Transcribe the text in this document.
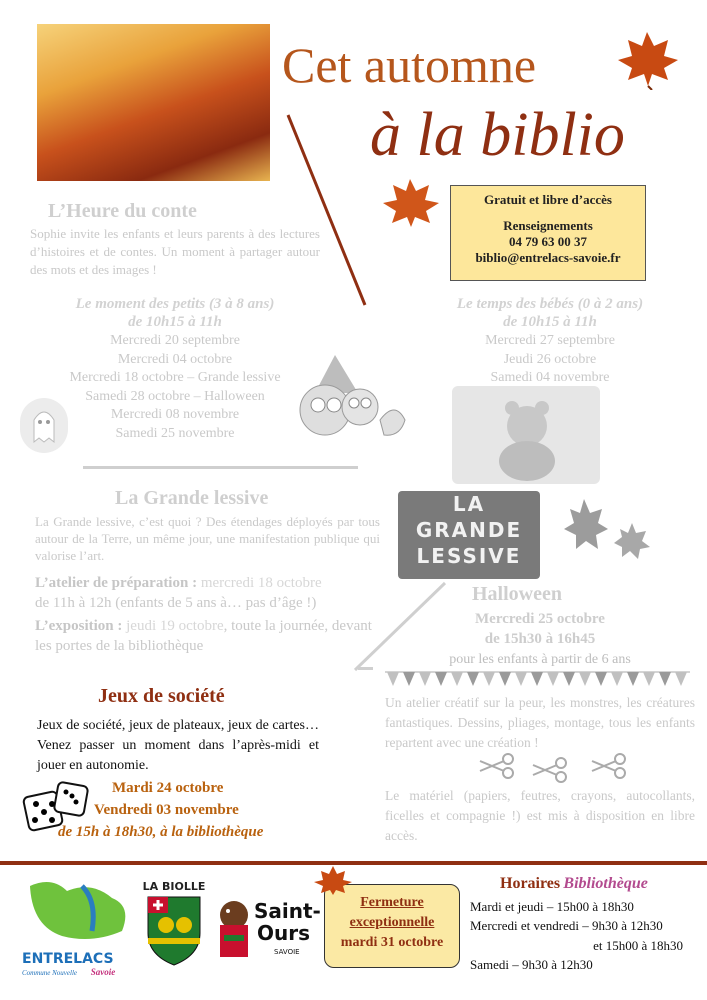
Cet automne
à la biblio
Gratuit et libre d’accès
Renseignements
04 79 63 00 37
biblio@entrelacs-savoie.fr
L’Heure du conte
Sophie invite les enfants et leurs parents à des lectures d’histoires et de contes. Un moment à partager autour des mots et des images !
Le moment des petits (3 à 8 ans)
de 10h15 à 11h
Mercredi 20 septembre
Mercredi 04 octobre
Mercredi 18 octobre – Grande lessive
Samedi 28 octobre – Halloween
Mercredi 08 novembre
Samedi 25 novembre
Le temps des bébés (0 à 2 ans)
de 10h15 à 11h
Mercredi 27 septembre
Jeudi 26 octobre
Samedi 04 novembre
La Grande lessive
La Grande lessive, c’est quoi ? Des étendages déployés par tous autour de la Terre, un même jour, une manifestation publique qui valorise l’art.
L’atelier de préparation : mercredi 18 octobre
de 11h à 12h (enfants de 5 ans à… pas d’âge !)
L’exposition : jeudi 19 octobre, toute la journée, devant les portes de la bibliothèque
LA
GRANDE
LESSIVE
Halloween
Mercredi 25 octobre
de 15h30 à 16h45
pour les enfants à partir de 6 ans
Un atelier créatif sur la peur, les monstres, les créatures fantastiques. Dessins, pliages, montage, tous les enfants repartent avec une création !
Le matériel (papiers, feutres, crayons, autocollants, ficelles et compagnie !) est mis à disposition en libre accès.
Jeux de société
Jeux de société, jeux de plateaux, jeux de cartes… Venez passer un moment dans l’après-midi et jouer en autonomie.
Mardi 24 octobre
Vendredi 03 novembre
de 15h à 18h30, à la bibliothèque
ENTRELACS
Commune Nouvelle Savoie
LA BIOLLE
Saint-
Ours
SAVOIE
Fermeture
exceptionnelle
mardi 31 octobre
Horaires Bibliothèque
Mardi et jeudi – 15h00 à 18h30
Mercredi et vendredi – 9h30 à 12h30
et 15h00 à 18h30
Samedi – 9h30 à 12h30
